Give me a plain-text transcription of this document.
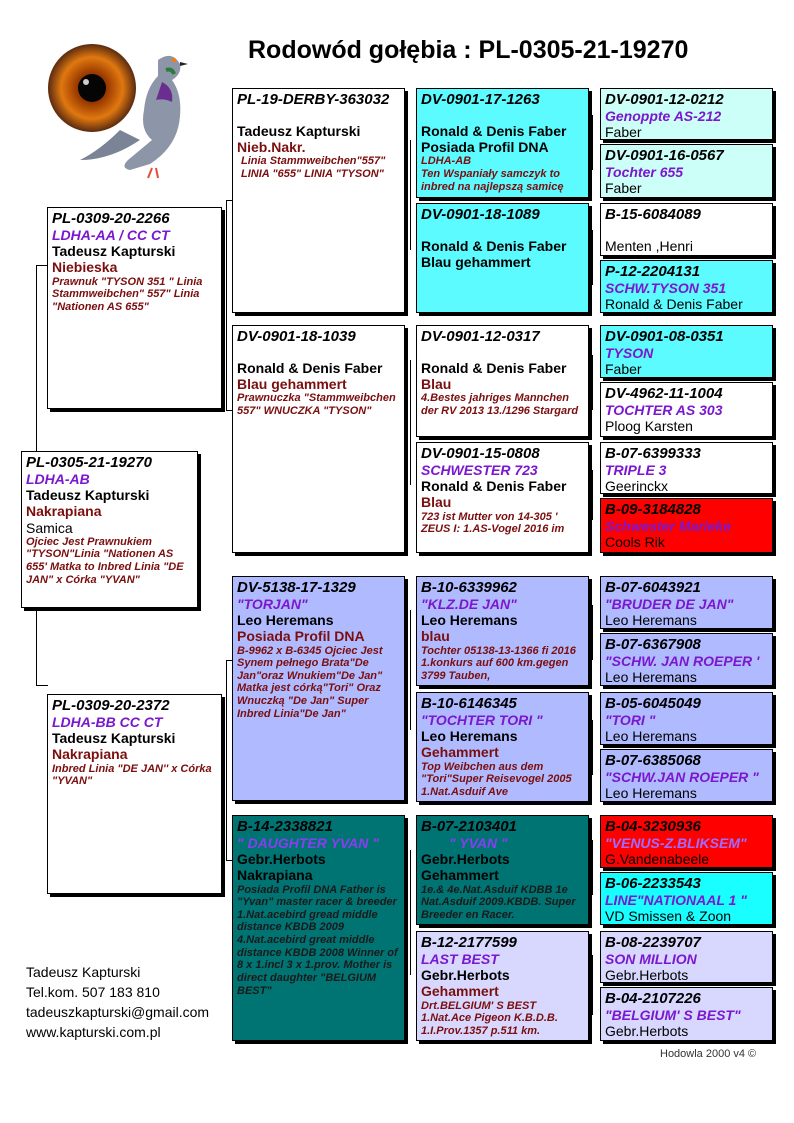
Rodowód gołębia : PL-0305-21-19270
PL-0305-21-19270
LDHA-AB
Tadeusz Kapturski
Nakrapiana
Samica
Ojciec Jest Prawnukiem "TYSON"Linia "Nationen AS 655' Matka to Inbred Linia "DE JAN" x Córka "YVAN"
PL-0309-20-2266
LDHA-AA / CC CT
Tadeusz Kapturski
Niebieska
Prawnuk "TYSON 351 " Linia Stammweibchen" 557" Linia "Nationen AS 655"
PL-0309-20-2372
LDHA-BB CC CT
Tadeusz Kapturski
Nakrapiana
Inbred Linia "DE JAN'' x Córka "YVAN"
PL-19-DERBY-363032
Tadeusz Kapturski
Nieb.Nakr.
Linia Stammweibchen"557" LINIA "655" LINIA "TYSON"
DV-0901-18-1039
Ronald & Denis Faber
Blau gehammert
Prawnuczka "Stammweibchen 557" WNUCZKA "TYSON"
DV-5138-17-1329
"TORJAN"
Leo Heremans
Posiada Profil DNA
B-9962 x B-6345 Ojciec Jest Synem pełnego Brata"De Jan"oraz Wnukiem"De Jan" Matka jest córką"Tori" Oraz Wnuczką "De Jan" Super Inbred Linia"De Jan"
B-14-2338821
" DAUGHTER YVAN "
Gebr.Herbots
Nakrapiana
Posiada Profil DNA Father is "Yvan" master racer & breeder 1.Nat.acebird gread middle distance KBDB 2009 4.Nat.acebird great middle distance KBDB 2008 Winner of 8 x 1.incl 3 x 1.prov. Mother is direct daughter "BELGIUM BEST"
DV-0901-17-1263
Ronald & Denis Faber
Posiada Profil DNA
LDHA-AB
Ten Wspaniały samczyk to inbred na najlepszą samicę
DV-0901-18-1089
Ronald & Denis Faber
Blau gehammert
DV-0901-12-0317
Ronald & Denis Faber
Blau
4.Bestes jahriges Mannchen der RV 2013 13./1296 Stargard
DV-0901-15-0808
SCHWESTER 723
Ronald & Denis Faber
Blau
723 ist Mutter von 14-305 ' ZEUS I: 1.AS-Vogel 2016 im
B-10-6339962
"KLZ.DE JAN"
Leo Heremans
blau
Tochter 05138-13-1366 fi 2016 1.konkurs auf 600 km.gegen 3799 Tauben,
B-10-6146345
"TOCHTER TORI "
Leo Heremans
Gehammert
Top Weibchen aus dem "Tori"Super Reisevogel 2005 1.Nat.Asduif Ave
B-07-2103401
" YVAN "
Gebr.Herbots
Gehammert
1e.& 4e.Nat.Asduif KDBB 1e Nat.Asduif 2009.KBDB. Super Breeder en Racer.
B-12-2177599
LAST BEST
Gebr.Herbots
Gehammert
Drt.BELGIUM' S BEST 1.Nat.Ace Pigeon K.B.D.B. 1.I.Prov.1357 p.511 km.
DV-0901-12-0212
Genoppte AS-212
Faber
DV-0901-16-0567
Tochter 655
Faber
B-15-6084089
Menten ,Henri
P-12-2204131
SCHW.TYSON 351
Ronald & Denis Faber
DV-0901-08-0351
TYSON
Faber
DV-4962-11-1004
TOCHTER AS 303
Ploog Karsten
B-07-6399333
TRIPLE 3
Geerinckx
B-09-3184828
Schwester Marieke
Cools Rik
B-07-6043921
"BRUDER DE JAN"
Leo Heremans
B-07-6367908
"SCHW. JAN ROEPER '
Leo Heremans
B-05-6045049
"TORI "
Leo Heremans
B-07-6385068
"SCHW.JAN ROEPER "
Leo Heremans
B-04-3230936
"VENUS-Z.BLIKSEM"
G.Vandenabeele
B-06-2233543
LINE"NATIONAAL 1 "
VD Smissen & Zoon
B-08-2239707
SON MILLION
Gebr.Herbots
B-04-2107226
"BELGIUM' S BEST"
Gebr.Herbots
Tadeusz Kapturski
Tel.kom. 507 183 810
tadeuszkapturski@gmail.com
www.kapturski.com.pl
Hodowla 2000 v4 ©
